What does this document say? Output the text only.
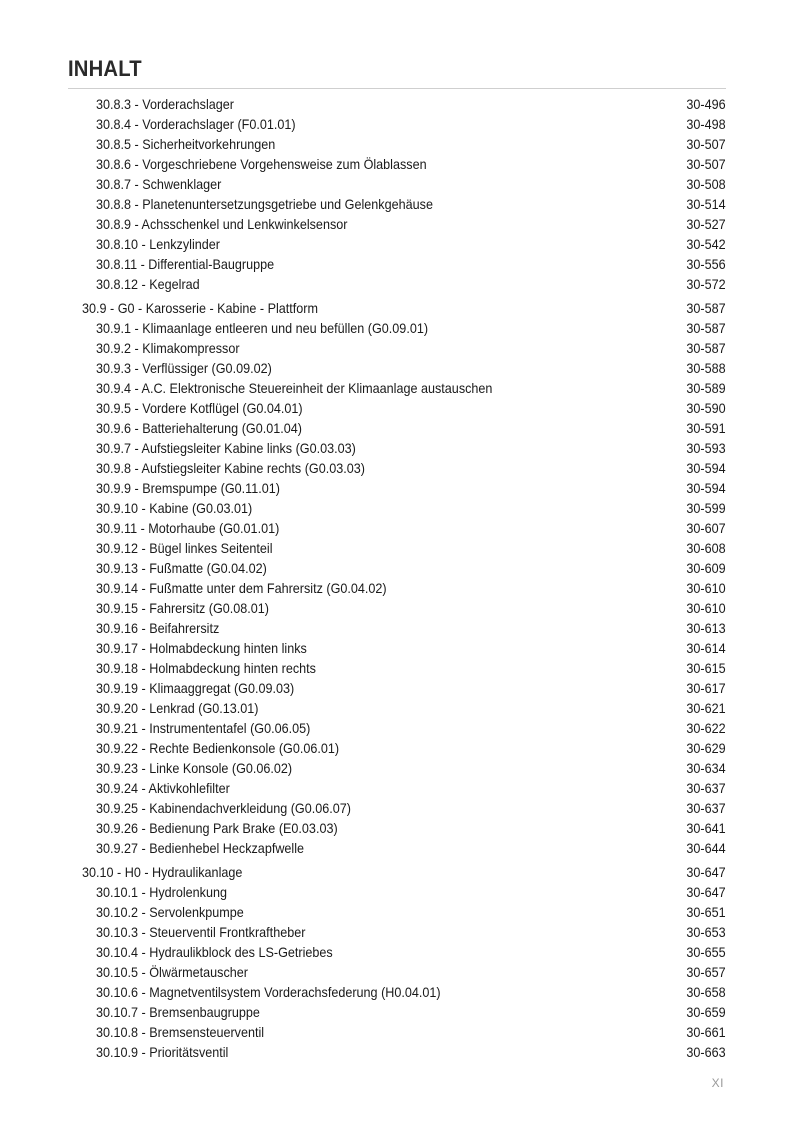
INHALT
30.8.3 - Vorderachslager	30-496
30.8.4 - Vorderachslager (F0.01.01)	30-498
30.8.5 - Sicherheitvorkehrungen	30-507
30.8.6 - Vorgeschriebene Vorgehensweise zum Ölablassen	30-507
30.8.7 - Schwenklager	30-508
30.8.8 - Planetenuntersetzungsgetriebe und Gelenkgehäuse	30-514
30.8.9 - Achsschenkel und Lenkwinkelsensor	30-527
30.8.10 - Lenkzylinder	30-542
30.8.11 - Differential-Baugruppe	30-556
30.8.12 - Kegelrad	30-572
30.9 - G0 - Karosserie - Kabine - Plattform	30-587
30.9.1 - Klimaanlage entleeren und neu befüllen (G0.09.01)	30-587
30.9.2 - Klimakompressor	30-587
30.9.3 - Verflüssiger (G0.09.02)	30-588
30.9.4 - A.C. Elektronische Steuereinheit der Klimaanlage austauschen	30-589
30.9.5 - Vordere Kotflügel (G0.04.01)	30-590
30.9.6 - Batteriehalterung (G0.01.04)	30-591
30.9.7 - Aufstiegsleiter Kabine links (G0.03.03)	30-593
30.9.8 - Aufstiegsleiter Kabine rechts (G0.03.03)	30-594
30.9.9 - Bremspumpe (G0.11.01)	30-594
30.9.10 - Kabine (G0.03.01)	30-599
30.9.11 - Motorhaube (G0.01.01)	30-607
30.9.12 - Bügel linkes Seitenteil	30-608
30.9.13 - Fußmatte (G0.04.02)	30-609
30.9.14 - Fußmatte unter dem Fahrersitz (G0.04.02)	30-610
30.9.15 - Fahrersitz (G0.08.01)	30-610
30.9.16 - Beifahrersitz	30-613
30.9.17 - Holmabdeckung hinten links	30-614
30.9.18 - Holmabdeckung hinten rechts	30-615
30.9.19 - Klimaaggregat (G0.09.03)	30-617
30.9.20 - Lenkrad (G0.13.01)	30-621
30.9.21 - Instrumententafel (G0.06.05)	30-622
30.9.22 - Rechte Bedienkonsole (G0.06.01)	30-629
30.9.23 - Linke Konsole (G0.06.02)	30-634
30.9.24 - Aktivkohlefilter	30-637
30.9.25 - Kabinendachverkleidung (G0.06.07)	30-637
30.9.26 - Bedienung Park Brake (E0.03.03)	30-641
30.9.27 - Bedienhebel Heckzapfwelle	30-644
30.10 - H0 - Hydraulikanlage	30-647
30.10.1 - Hydrolenkung	30-647
30.10.2 - Servolenkpumpe	30-651
30.10.3 - Steuerventil Frontkraftheber	30-653
30.10.4 - Hydraulikblock des LS-Getriebes	30-655
30.10.5 - Ölwärmetauscher	30-657
30.10.6 - Magnetventilsystem Vorderachsfederung (H0.04.01)	30-658
30.10.7 - Bremsenbaugruppe	30-659
30.10.8 - Bremsensteuerventil	30-661
30.10.9 - Prioritätsventil	30-663
XI
